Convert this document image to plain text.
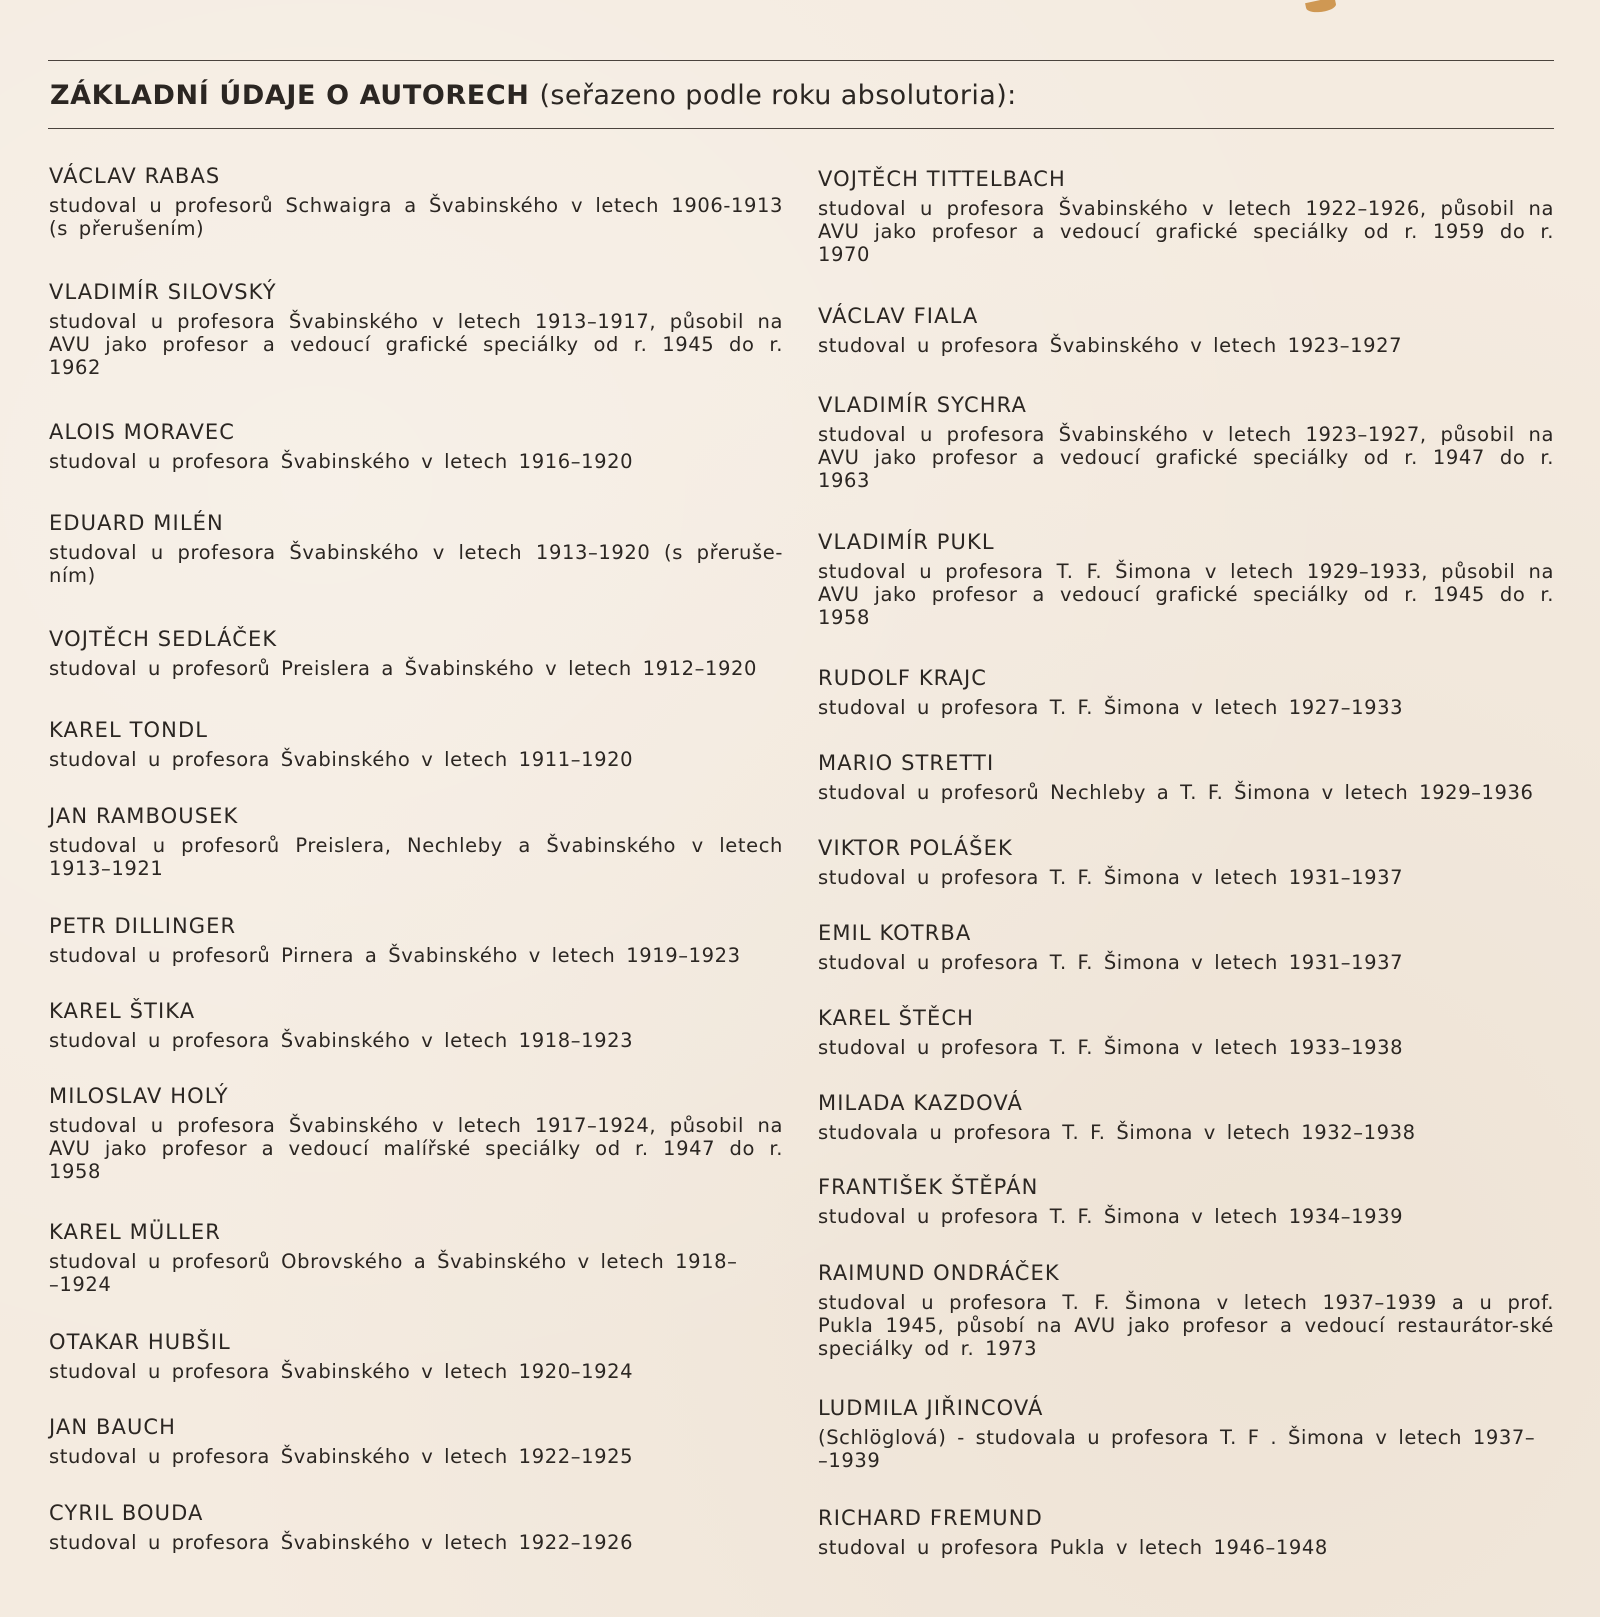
ZÁKLADNÍ ÚDAJE O AUTORECH (seřazeno podle roku absolutoria):
VÁCLAV RABAS
studoval u profesorů Schwaigra a Švabinského v letech 1906-1913 (s přerušením)
VLADIMÍR SILOVSKÝ
studoval u profesora Švabinského v letech 1913–1917, působil na AVU jako profesor a vedoucí grafické speciálky od r. 1945 do r. 1962
ALOIS MORAVEC
studoval u profesora Švabinského v letech 1916–1920
EDUARD MILÉN
studoval u profesora Švabinského v letech 1913–1920 (s přeruše-ním)
VOJTĚCH SEDLÁČEK
studoval u profesorů Preislera a Švabinského v letech 1912–1920
KAREL TONDL
studoval u profesora Švabinského v letech 1911–1920
JAN RAMBOUSEK
studoval u profesorů Preislera, Nechleby a Švabinského v letech 1913–1921
PETR DILLINGER
studoval u profesorů Pirnera a Švabinského v letech 1919–1923
KAREL ŠTIKA
studoval u profesora Švabinského v letech 1918–1923
MILOSLAV HOLÝ
studoval u profesora Švabinského v letech 1917–1924, působil na AVU jako profesor a vedoucí malířské speciálky od r. 1947 do r. 1958
KAREL MÜLLER
studoval u profesorů Obrovského a Švabinského v letech 1918–
–1924
OTAKAR HUBŠIL
studoval u profesora Švabinského v letech 1920–1924
JAN BAUCH
studoval u profesora Švabinského v letech 1922–1925
CYRIL BOUDA
studoval u profesora Švabinského v letech 1922–1926
VOJTĚCH TITTELBACH
studoval u profesora Švabinského v letech 1922–1926, působil na AVU jako profesor a vedoucí grafické speciálky od r. 1959 do r. 1970
VÁCLAV FIALA
studoval u profesora Švabinského v letech 1923–1927
VLADIMÍR SYCHRA
studoval u profesora Švabinského v letech 1923–1927, působil na AVU jako profesor a vedoucí grafické speciálky od r. 1947 do r. 1963
VLADIMÍR PUKL
studoval u profesora T. F. Šimona v letech 1929–1933, působil na AVU jako profesor a vedoucí grafické speciálky od r. 1945 do r. 1958
RUDOLF KRAJC
studoval u profesora T. F. Šimona v letech 1927–1933
MARIO STRETTI
studoval u profesorů Nechleby a T. F. Šimona v letech 1929–1936
VIKTOR POLÁŠEK
studoval u profesora T. F. Šimona v letech 1931–1937
EMIL KOTRBA
studoval u profesora T. F. Šimona v letech 1931–1937
KAREL ŠTĚCH
studoval u profesora T. F. Šimona v letech 1933–1938
MILADA KAZDOVÁ
studovala u profesora T. F. Šimona v letech 1932–1938
FRANTIŠEK ŠTĚPÁN
studoval u profesora T. F. Šimona v letech 1934–1939
RAIMUND ONDRÁČEK
studoval u profesora T. F. Šimona v letech 1937–1939 a u prof. Pukla 1945, působí na AVU jako profesor a vedoucí restaurátor-ské speciálky od r. 1973
LUDMILA JIŘINCOVÁ
(Schlöglová) - studovala u profesora T. F . Šimona v letech 1937–
–1939
RICHARD FREMUND
studoval u profesora Pukla v letech 1946–1948
